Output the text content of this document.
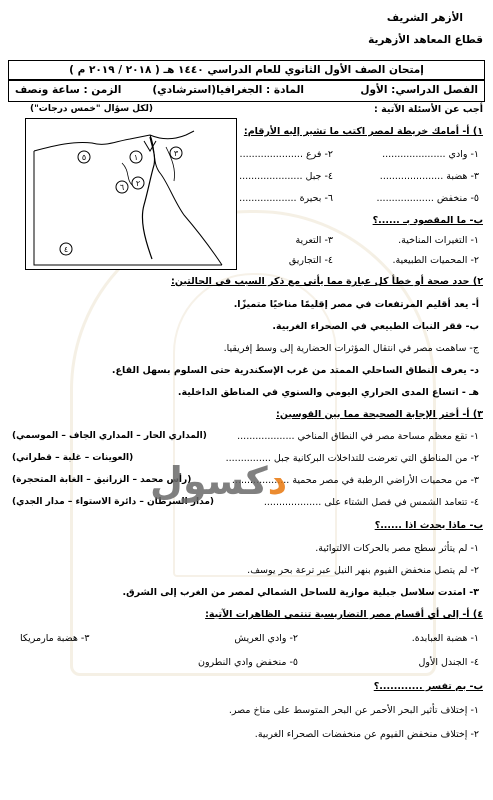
الأزهر الشريف
قطاع المعاهد الأزهرية
إمتحان الصف الأول الثانوي للعام الدراسي ١٤٤٠ هـ ( ٢٠١٨ / ٢٠١٩ م )
الفصل الدراسي: الأول
المادة : الجغرافيا
(استرشادي)
الزمن : ساعة ونصف
أجب عن الأسئلة الآتية :
(لكل سؤال "خمس درجات")
١
٢
٣
٤
٥
٦
١) أ- أمامك خريطة لمصر اكتب ما تشير إليه الأرقام:
١- وادي .....................
٢- فرع .....................
٣- هضبة .....................
٤- جبل .....................
٥- منخفض ...................
٦- بحيرة ...................
ب- ما المقصود بـ ......؟
١- التغيرات المناخية.
٣- التعرية
٢- المحميات الطبيعية.
٤- التجاريق
٢) حدد صحة أو خطأ كل عبارة مما يأتي مع ذكر السبب في الحالتين:
أ- يعد أقليم المرتفعات في مصر إقليمًا مناخيًا متميزًا.
ب- فقر النبات الطبيعي في الصحراء الغربية.
ج- ساهمت مصر في انتقال المؤثرات الحضارية إلى وسط إفريقيا.
د- يعرف النطاق الساحلي الممتد من غرب الإسكندرية حتى السلوم بسهل القاع.
هـ - اتساع المدى الحراري اليومي والسنوي في المناطق الداخلية.
٣) أ- أختر الإجابة الصحيحة مما بين القوسين:
١- تقع معظم مساحة مصر في النطاق المناخي ...................
(المداري الحار – المداري الجاف – الموسمي)
٢- من المناطق التي تعرضت للتداخلات البركانية جبل ...............
(العوينات – غلبة – قطراني)
٣- من محميات الأراضي الرطبة في مصر محمية ...................
(رأس محمد – الزرانيق – الغابة المتحجرة)
٤- تتعامد الشمس في فصل الشتاء على ...................
(مدار السرطان – دائرة الاستواء – مدار الجدي)
ب- ماذا يحدث اذا ......؟
١- لم يتأثر سطح مصر بالحركات الالتوائية.
٢- لم يتصل منخفض الفيوم بنهر النيل عبر ترعة بحر يوسف.
٣- امتدت سلاسل جبلية موازية للساحل الشمالي لمصر من الغرب إلى الشرق.
٤) أ- إلى أي أقسام مصر التضاريسية تنتمي الظاهرات الآتية:
١- هضبة العبابدة.
٢- وادي العريش
٣- هضبة مارمريكا
٤- الجندل الأول
٥- منخفض وادي النطرون
ب- بم تفسر ............؟
١- إختلاف تأثير البحر الأحمر عن البحر المتوسط على مناخ مصر.
٢- إختلاف منخفض الفيوم عن منخفضات الصحراء الغربية.
دكسول
